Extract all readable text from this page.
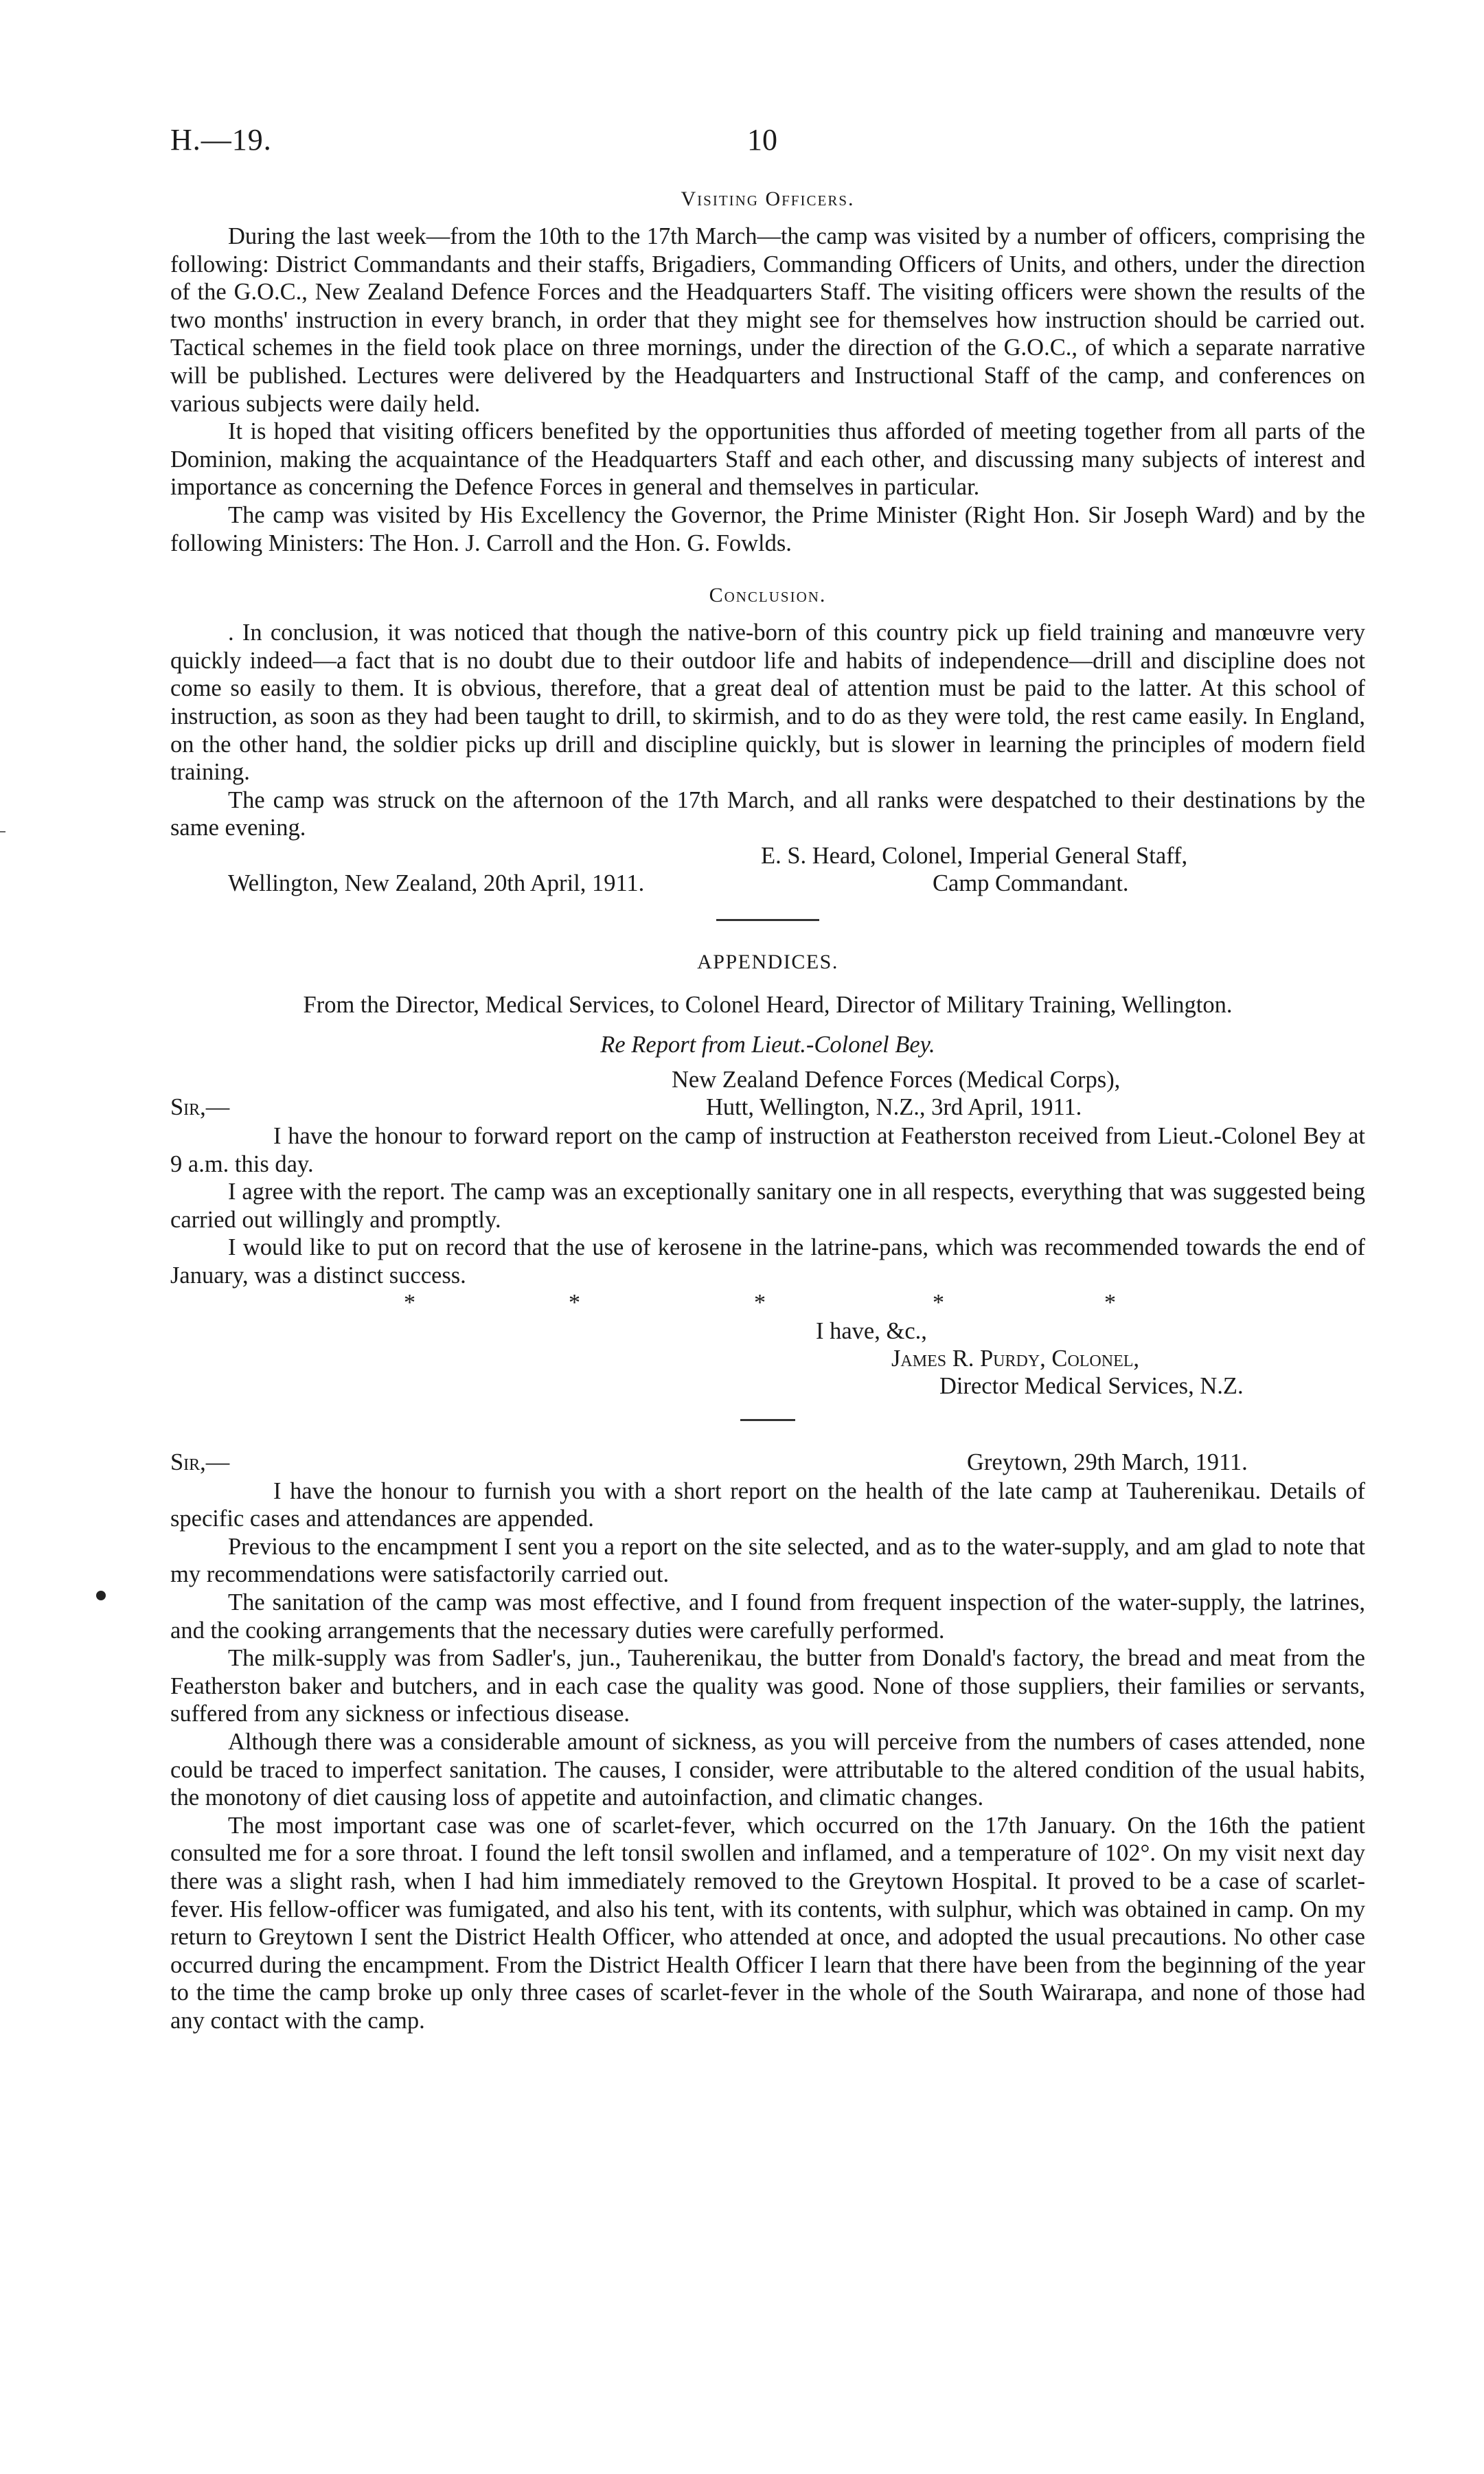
H.—19.	10
Visiting Officers.

During the last week—from the 10th to the 17th March—the camp was visited by a number of officers, comprising the following: District Commandants and their staffs, Brigadiers, Commanding Officers of Units, and others, under the direction of the G.O.C., New Zealand Defence Forces and the Headquarters Staff. The visiting officers were shown the results of the two months' instruction in every branch, in order that they might see for themselves how instruction should be carried out. Tactical schemes in the field took place on three mornings, under the direction of the G.O.C., of which a separate narrative will be published. Lectures were delivered by the Headquarters and Instructional Staff of the camp, and conferences on various subjects were daily held.

It is hoped that visiting officers benefited by the opportunities thus afforded of meeting together from all parts of the Dominion, making the acquaintance of the Headquarters Staff and each other, and discussing many subjects of interest and importance as concerning the Defence Forces in general and themselves in particular.

The camp was visited by His Excellency the Governor, the Prime Minister (Right Hon. Sir Joseph Ward) and by the following Ministers: The Hon. J. Carroll and the Hon. G. Fowlds.

Conclusion.

. In conclusion, it was noticed that though the native-born of this country pick up field training and manœuvre very quickly indeed—a fact that is no doubt due to their outdoor life and habits of independence—drill and discipline does not come so easily to them. It is obvious, therefore, that a great deal of attention must be paid to the latter. At this school of instruction, as soon as they had been taught to drill, to skirmish, and to do as they were told, the rest came easily. In England, on the other hand, the soldier picks up drill and discipline quickly, but is slower in learning the principles of modern field training.

The camp was struck on the afternoon of the 17th March, and all ranks were despatched to their destinations by the same evening.

E. S. Heard, Colonel, Imperial General Staff,
Wellington, New Zealand, 20th April, 1911.	Camp Commandant.
APPENDICES.

From the Director, Medical Services, to Colonel Heard, Director of Military Training, Wellington.

Re Report from Lieut.-Colonel Bey.

New Zealand Defence Forces (Medical Corps),
Sir,—	Hutt, Wellington, N.Z., 3rd April, 1911.

I have the honour to forward report on the camp of instruction at Featherston received from Lieut.-Colonel Bey at 9 a.m. this day.

I agree with the report. The camp was an exceptionally sanitary one in all respects, everything that was suggested being carried out willingly and promptly.

I would like to put on record that the use of kerosene in the latrine-pans, which was recommended towards the end of January, was a distinct success.

*	*	*	*	*
I have, &c.,
James R. Purdy, Colonel,
Director Medical Services, N.Z.
Sir,—	Greytown, 29th March, 1911.

I have the honour to furnish you with a short report on the health of the late camp at Tauherenikau. Details of specific cases and attendances are appended.

Previous to the encampment I sent you a report on the site selected, and as to the water-supply, and am glad to note that my recommendations were satisfactorily carried out.

The sanitation of the camp was most effective, and I found from frequent inspection of the water-supply, the latrines, and the cooking arrangements that the necessary duties were carefully performed.

The milk-supply was from Sadler's, jun., Tauherenikau, the butter from Donald's factory, the bread and meat from the Featherston baker and butchers, and in each case the quality was good. None of those suppliers, their families or servants, suffered from any sickness or infectious disease.

Although there was a considerable amount of sickness, as you will perceive from the numbers of cases attended, none could be traced to imperfect sanitation. The causes, I consider, were attributable to the altered condition of the usual habits, the monotony of diet causing loss of appetite and autoinfaction, and climatic changes.

The most important case was one of scarlet-fever, which occurred on the 17th January. On the 16th the patient consulted me for a sore throat. I found the left tonsil swollen and inflamed, and a temperature of 102°. On my visit next day there was a slight rash, when I had him immediately removed to the Greytown Hospital. It proved to be a case of scarlet-fever. His fellow-officer was fumigated, and also his tent, with its contents, with sulphur, which was obtained in camp. On my return to Greytown I sent the District Health Officer, who attended at once, and adopted the usual precautions. No other case occurred during the encampment. From the District Health Officer I learn that there have been from the beginning of the year to the time the camp broke up only three cases of scarlet-fever in the whole of the South Wairarapa, and none of those had any contact with the camp.
